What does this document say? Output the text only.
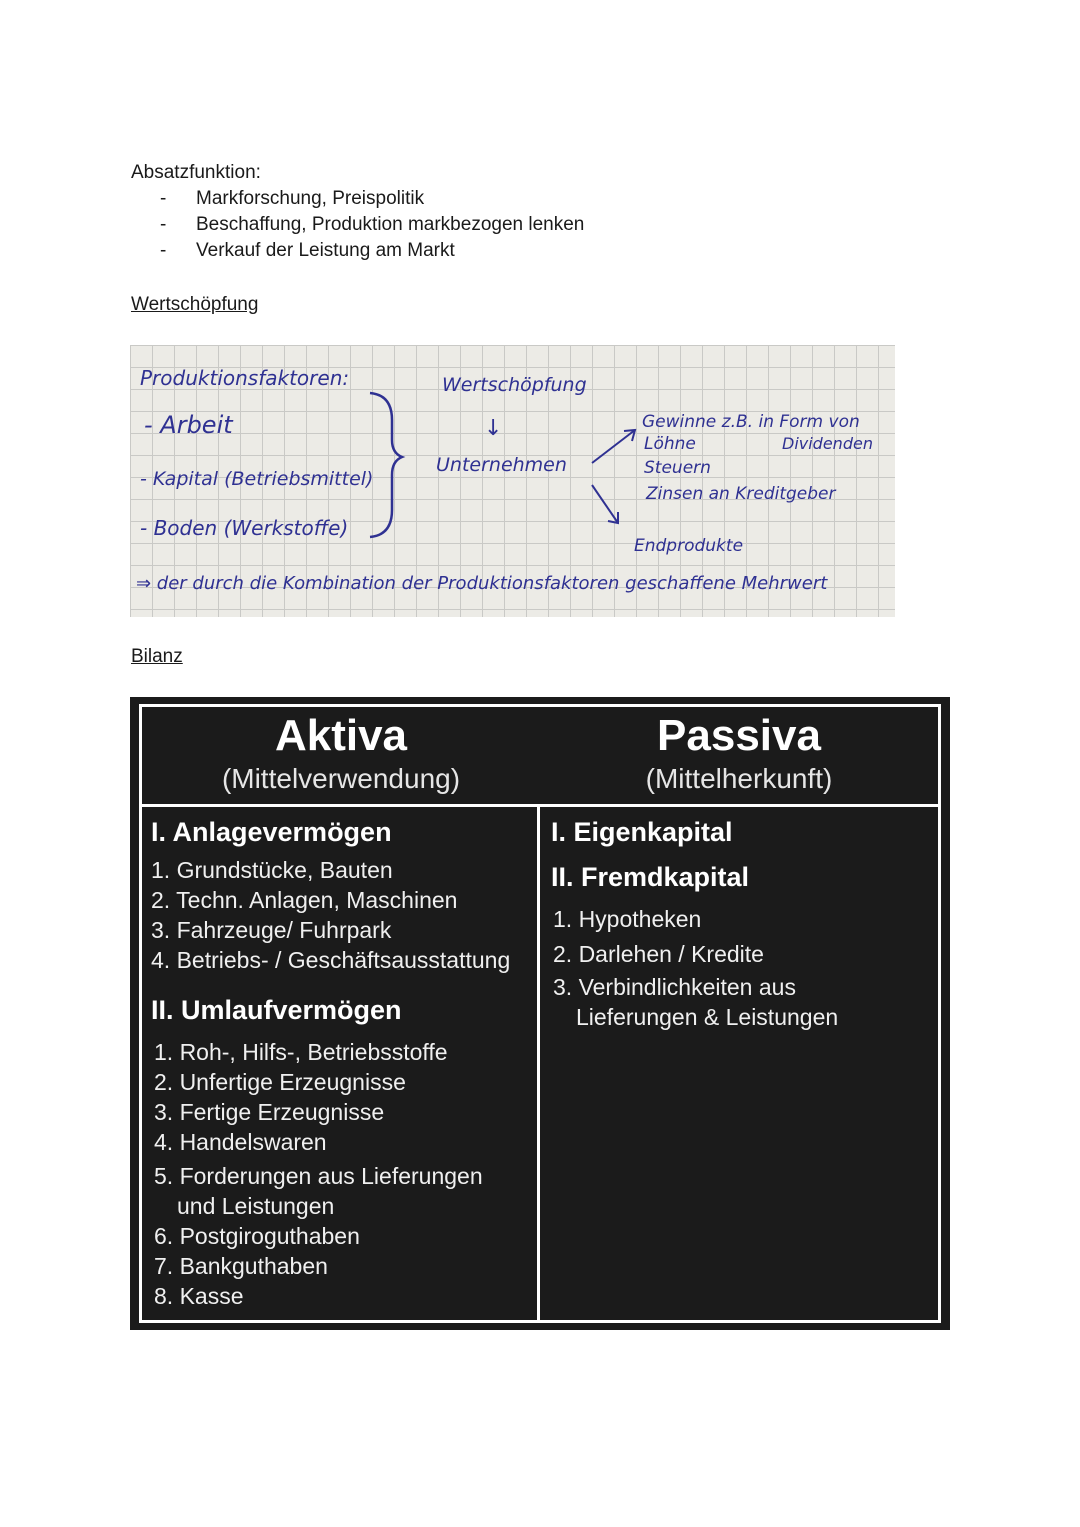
Absatzfunktion:
- Markforschung, Preispolitik
- Beschaffung, Produktion markbezogen lenken
- Verkauf der Leistung am Markt
Wertschöpfung
Produktionsfaktoren:
- Arbeit
- Kapital (Betriebsmittel)
- Boden (Werkstoffe)
Wertschöpfung
↓
Unternehmen
Gewinne z.B. in Form von
Dividenden
Löhne
Steuern
Zinsen an Kreditgeber
Endprodukte
⇒ der durch die Kombination der Produktionsfaktoren geschaffene Mehrwert
Bilanz
Aktiva
(Mittelverwendung)
Passiva
(Mittelherkunft)
I. Anlagevermögen
1. Grundstücke, Bauten
2. Techn. Anlagen, Maschinen
3. Fahrzeuge/ Fuhrpark
4. Betriebs- / Geschäftsausstattung
II. Umlaufvermögen
1. Roh-, Hilfs-, Betriebsstoffe
2. Unfertige Erzeugnisse
3. Fertige Erzeugnisse
4. Handelswaren
5. Forderungen aus Lieferungen
und Leistungen
6. Postgiroguthaben
7. Bankguthaben
8. Kasse
I. Eigenkapital
II. Fremdkapital
1. Hypotheken
2. Darlehen / Kredite
3. Verbindlichkeiten aus
Lieferungen & Leistungen
